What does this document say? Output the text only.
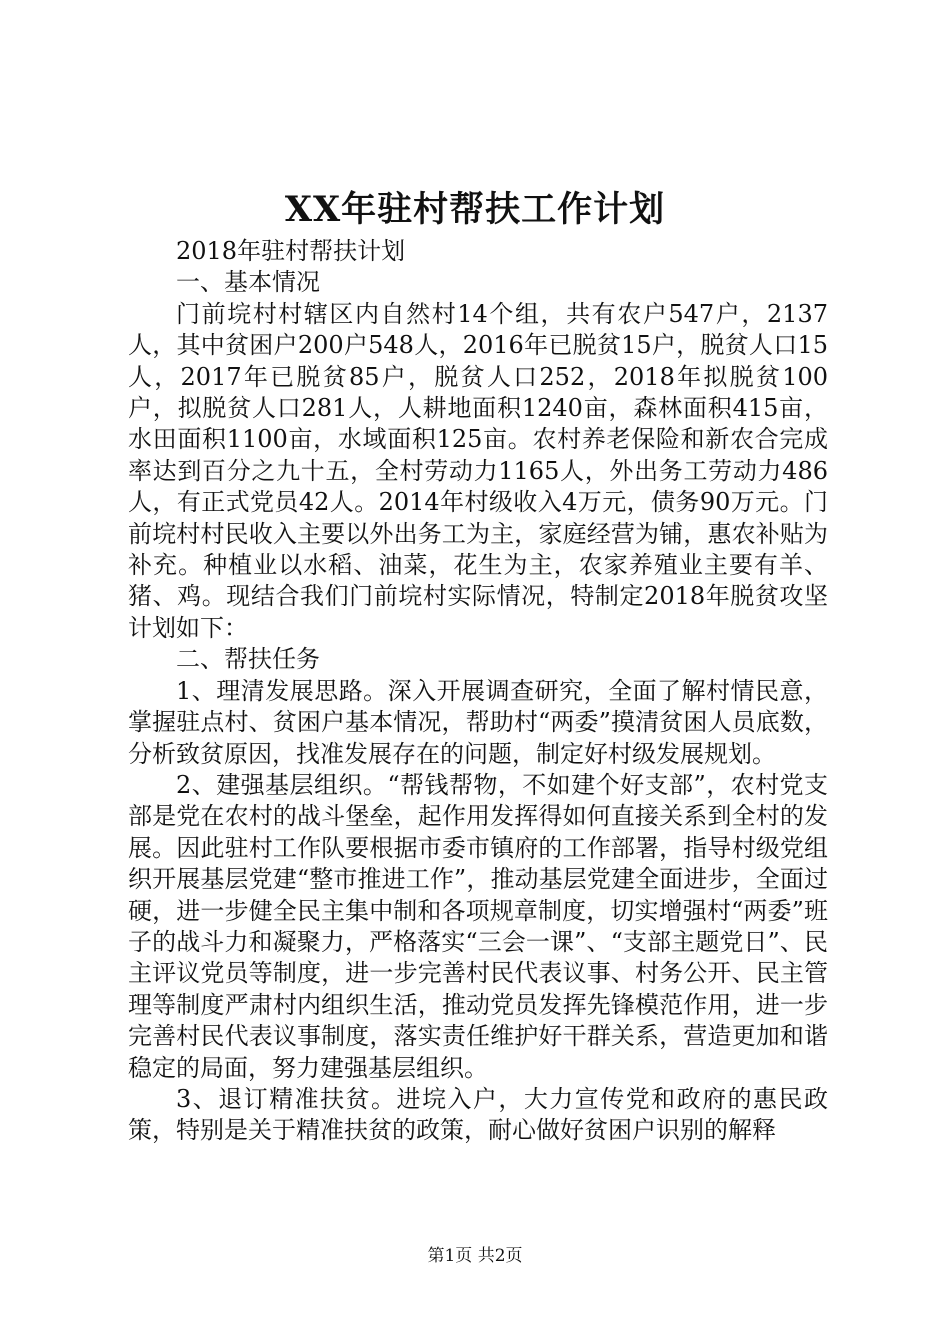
XX年驻村帮扶工作计划

2018年驻村帮扶计划

一、基本情况

门前垸村村辖区内自然村14个组，共有农户547户，2137人，其中贫困户200户548人，2016年已脱贫15户，脱贫人口15人，2017年已脱贫85户，脱贫人口252，2018年拟脱贫100户，拟脱贫人口281人，人耕地面积1240亩，森林面积415亩，水田面积1100亩，水域面积125亩。农村养老保险和新农合完成率达到百分之九十五，全村劳动力1165人，外出务工劳动力486人，有正式党员42人。2014年村级收入4万元，债务90万元。门前垸村村民收入主要以外出务工为主，家庭经营为铺，惠农补贴为补充。种植业以水稻、油菜，花生为主，农家养殖业主要有羊、猪、鸡。现结合我们门前垸村实际情况，特制定2018年脱贫攻坚计划如下：

二、帮扶任务

1、理清发展思路。深入开展调查研究，全面了解村情民意，掌握驻点村、贫困户基本情况，帮助村“两委”摸清贫困人员底数，分析致贫原因，找准发展存在的问题，制定好村级发展规划。

2、建强基层组织。“帮钱帮物，不如建个好支部”，农村党支部是党在农村的战斗堡垒，起作用发挥得如何直接关系到全村的发展。因此驻村工作队要根据市委市镇府的工作部署，指导村级党组织开展基层党建“整市推进工作”，推动基层党建全面进步，全面过硬，进一步健全民主集中制和各项规章制度，切实增强村“两委”班子的战斗力和凝聚力，严格落实“三会一课”、“支部主题党日”、民主评议党员等制度，进一步完善村民代表议事、村务公开、民主管理等制度严肃村内组织生活，推动党员发挥先锋模范作用，进一步完善村民代表议事制度，落实责任维护好干群关系，营造更加和谐稳定的局面，努力建强基层组织。

3、退订精准扶贫。进垸入户，大力宣传党和政府的惠民政策，特别是关于精准扶贫的政策，耐心做好贫困户识别的解释

第1页 共2页
